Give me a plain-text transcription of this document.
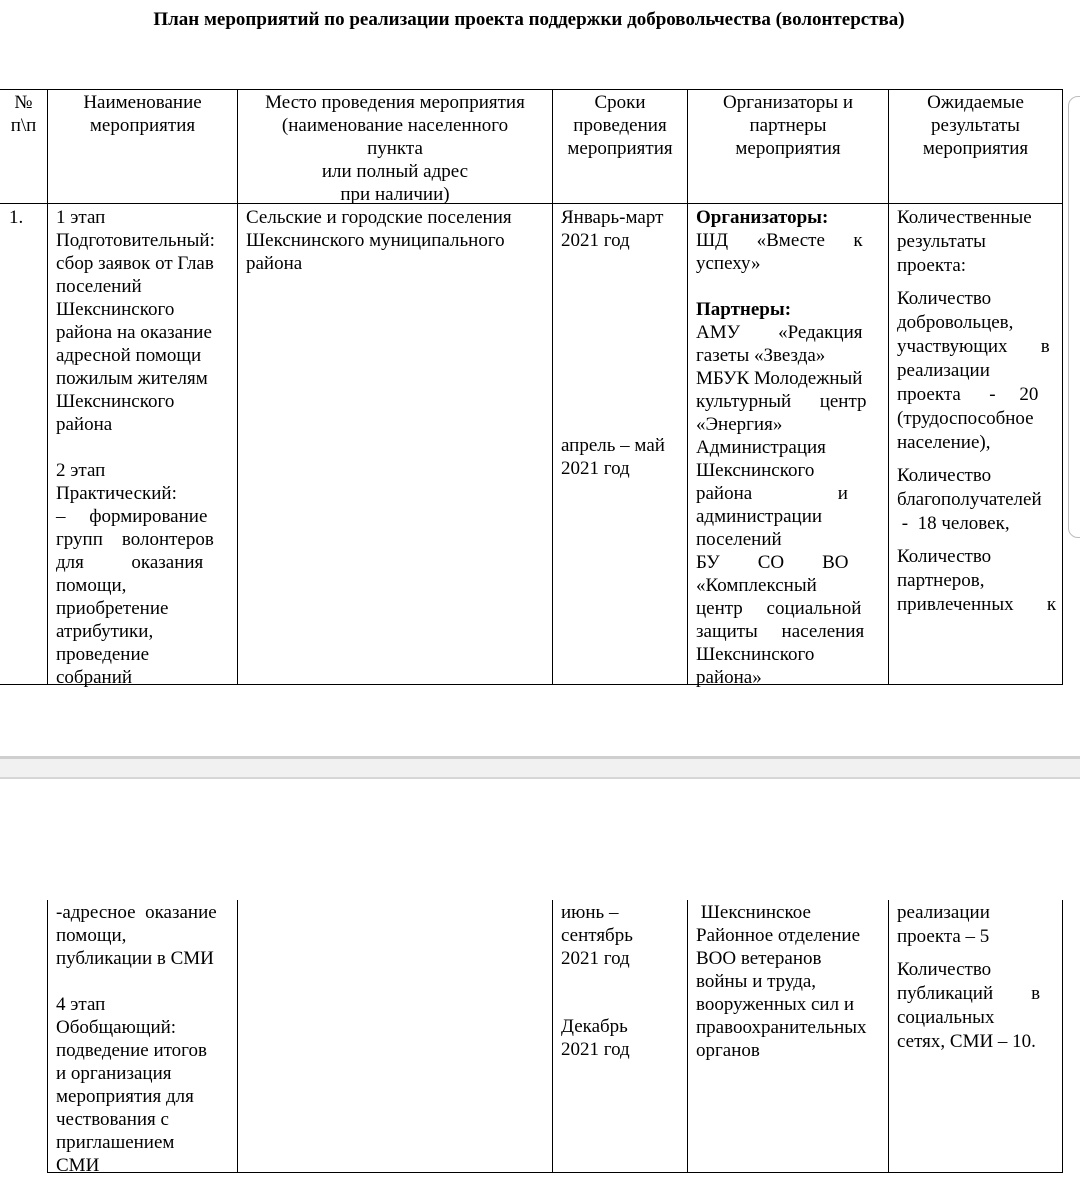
План мероприятий по реализации проекта поддержки добровольчества (волонтерства)
№
п\п
Наименование
мероприятия
Место проведения мероприятия
(наименование населенного
пункта
или полный адрес
при наличии)
Сроки
проведения
мероприятия
Организаторы и
партнеры
мероприятия
Ожидаемые
результаты
мероприятия
1. 1 этап
Подготовительный:
сбор заявок от Глав
поселений
Шекснинского
района на оказание
адресной помощи
пожилым жителям
Шекснинского
района
2 этап
Практический:
–     формирование
групп    волонтеров
для          оказания
помощи,
приобретение
атрибутики,
проведение
собраний
Сельские и городские поселения
Шекснинского муниципального
района
Январь-март
2021 год
апрель – май
2021 год
Организаторы:
ШД      «Вместе      к
успеху»
Партнеры:
АМУ        «Редакция
газеты «Звезда»
МБУК Молодежный
культурный      центр
«Энергия»
Администрация
Шекснинского
района                  и
администрации
поселений
БУ        СО        ВО
«Комплексный
центр     социальной
защиты     населения
Шекснинского
района»
Количественные
результаты
проекта:
Количество
добровольцев,
участвующих       в
реализации
проекта      -     20
(трудоспособное
население),
Количество
благополучателей
-  18 человек,
Количество
партнеров,
привлеченных       к
-адресное  оказание
помощи,
публикации в СМИ
4 этап
Обобщающий:
подведение итогов
и организация
мероприятия для
чествования с
приглашением
СМИ
июнь –
сентябрь
2021 год
Декабрь
2021 год
Шекснинское
Районное отделение
ВОО ветеранов
войны и труда,
вооруженных сил и
правоохранительных
органов
реализации
проекта – 5
Количество
публикаций        в
социальных
сетях, СМИ – 10.
